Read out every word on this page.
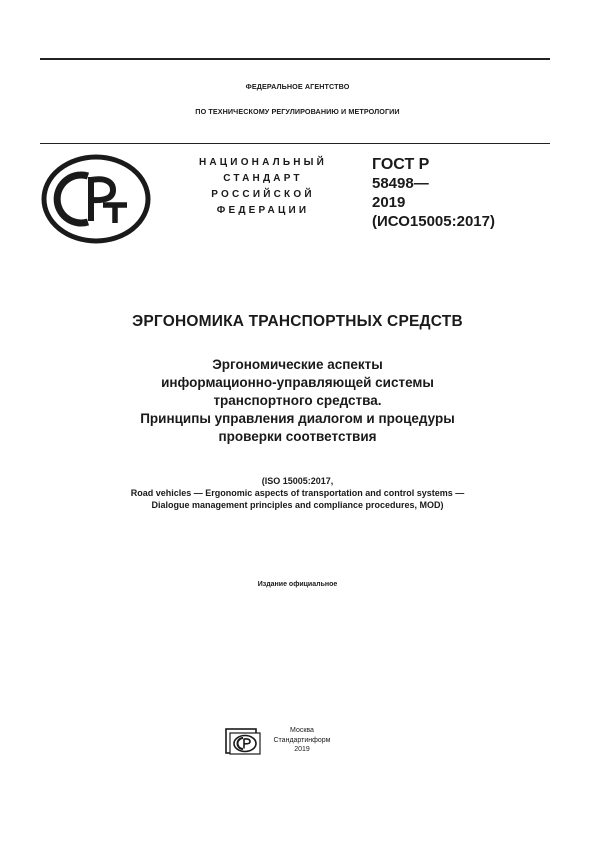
ФЕДЕРАЛЬНОЕ АГЕНТСТВО
ПО ТЕХНИЧЕСКОМУ РЕГУЛИРОВАНИЮ И МЕТРОЛОГИИ
НАЦИОНАЛЬНЫЙ
СТАНДАРТ
РОССИЙСКОЙ
ФЕДЕРАЦИИ
ГОСТ Р
58498—
2019
(ИСО15005:2017)
ЭРГОНОМИКА ТРАНСПОРТНЫХ СРЕДСТВ
Эргономические аспекты
информационно-управляющей системы
транспортного средства.
Принципы управления диалогом и процедуры
проверки соответствия
(ISO 15005:2017,
Road vehicles — Ergonomic aspects of transportation and control systems —
Dialogue management principles and compliance procedures, MOD)
Издание официальное
Москва
Стандартинформ
2019
